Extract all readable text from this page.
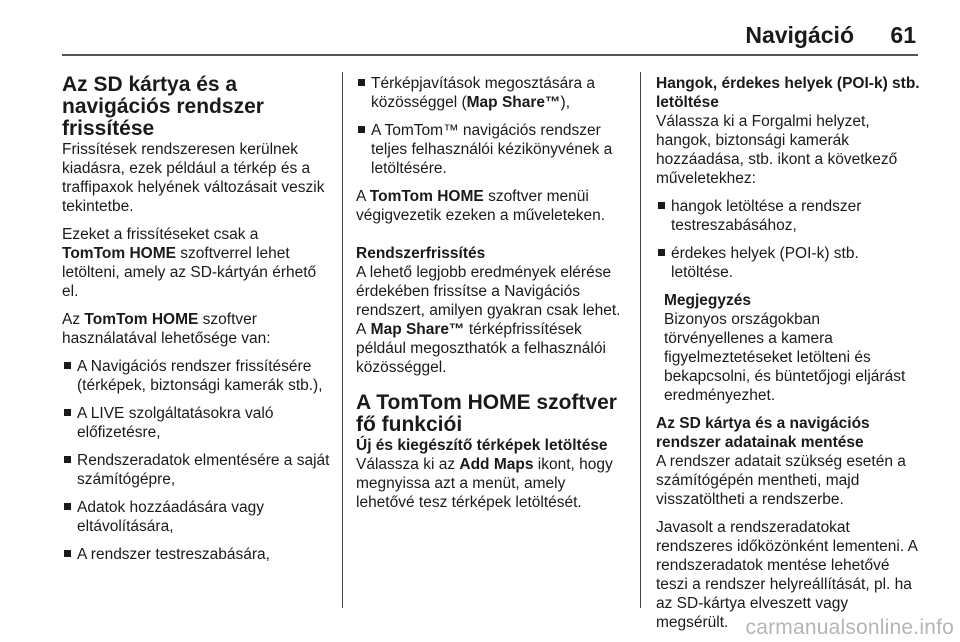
Navigáció 61
Az SD kártya és a navigációs rendszer frissítése

Frissítések rendszeresen kerülnek kiadásra, ezek például a térkép és a traffipaxok helyének változásait veszik tekintetbe.

Ezeket a frissítéseket csak a
TomTom HOME szoftverrel lehet letölteni, amely az SD-kártyán érhető el.

Az TomTom HOME szoftver használatával lehetősége van:

A Navigációs rendszer frissítésére (térképek, biztonsági kamerák stb.),
A LIVE szolgáltatásokra való előfizetésre,
Rendszeradatok elmentésére a saját számítógépre,
Adatok hozzáadására vagy eltávolítására,
A rendszer testreszabására,
Térképjavítások megosztására a közösséggel (Map Share™),
A TomTom™ navigációs rendszer teljes felhasználói kézikönyvének a letöltésére.

A TomTom HOME szoftver menüi végigvezetik ezeken a műveleteken.

Rendszerfrissítés

A lehető legjobb eredmények elérése érdekében frissítse a Navigációs rendszert, amilyen gyakran csak lehet. A Map Share™ térképfrissítések például megoszthatók a felhasználói közösséggel.

A TomTom HOME szoftver fő funkciói
Új és kiegészítő térképek letöltése

Válassza ki az Add Maps ikont, hogy megnyissa azt a menüt, amely lehetővé tesz térképek letöltését.

Hangok, érdekes helyek (POI-k) stb. letöltése

Válassza ki a Forgalmi helyzet, hangok, biztonsági kamerák hozzáadása, stb. ikont a következő műveletekhez:

hangok letöltése a rendszer testreszabásához,
érdekes helyek (POI-k) stb. letöltése.
Megjegyzés

Bizonyos országokban törvényellenes a kamera figyelmeztetéseket letölteni és bekapcsolni, és büntetőjogi eljárást eredményezhet.

Az SD kártya és a navigációs rendszer adatainak mentése

A rendszer adatait szükség esetén a számítógépén mentheti, majd visszatöltheti a rendszerbe.

Javasolt a rendszeradatokat rendszeres időközönként lementeni. A rendszeradatok mentése lehetővé teszi a rendszer helyreállítását, pl. ha az SD-kártya elveszett vagy megsérült. carmanualsonline.info
